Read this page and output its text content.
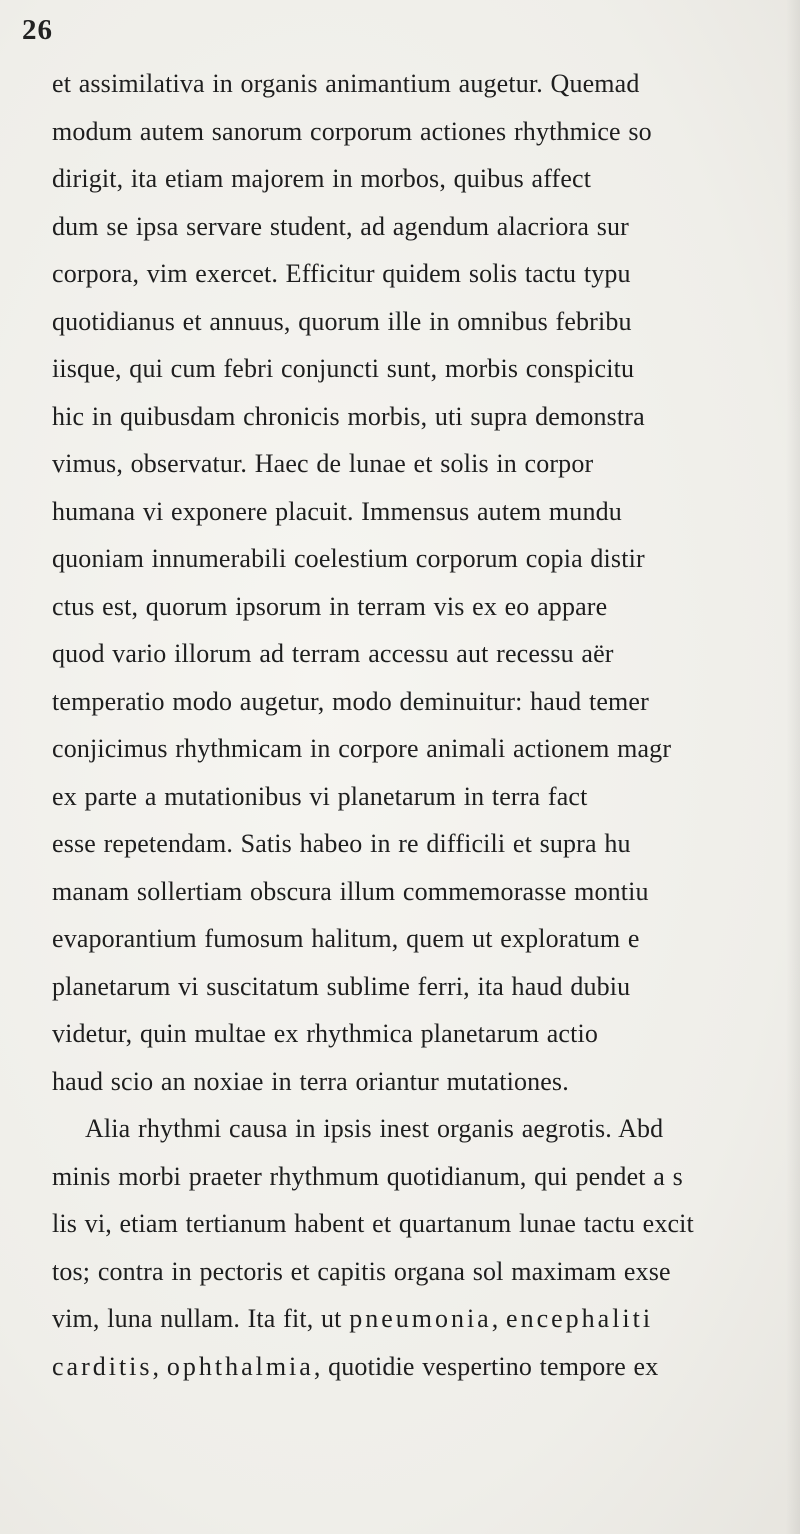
26
et assimilativa in organis animantium augetur. Quemad
modum autem sanorum corporum actiones rhythmice so
dirigit, ita etiam majorem in morbos, quibus affect
dum se ipsa servare student, ad agendum alacriora sur
corpora, vim exercet. Efficitur quidem solis tactu typu
quotidianus et annuus, quorum ille in omnibus febribu
iisque, qui cum febri conjuncti sunt, morbis conspicitu
hic in quibusdam chronicis morbis, uti supra demonstra
vimus, observatur. Haec de lunae et solis in corpor
humana vi exponere placuit. Immensus autem mundu
quoniam innumerabili coelestium corporum copia distir
ctus est, quorum ipsorum in terram vis ex eo appare
quod vario illorum ad terram accessu aut recessu aër
temperatio modo augetur, modo deminuitur: haud temer
conjicimus rhythmicam in corpore animali actionem magr
ex parte a mutationibus vi planetarum in terra fact
esse repetendam. Satis habeo in re difficili et supra hu
manam sollertiam obscura illum commemorasse montiu
evaporantium fumosum halitum, quem ut exploratum e
planetarum vi suscitatum sublime ferri, ita haud dubiu
videtur, quin multae ex rhythmica planetarum actio
haud scio an noxiae in terra oriantur mutationes.
Alia rhythmi causa in ipsis inest organis aegrotis. Abd
minis morbi praeter rhythmum quotidianum, qui pendet a s
lis vi, etiam tertianum habent et quartanum lunae tactu excit
tos; contra in pectoris et capitis organa sol maximam exse
vim, luna nullam. Ita fit, ut pneumonia, encephaliti
carditis, ophthalmia, quotidie vespertino tempore ex
